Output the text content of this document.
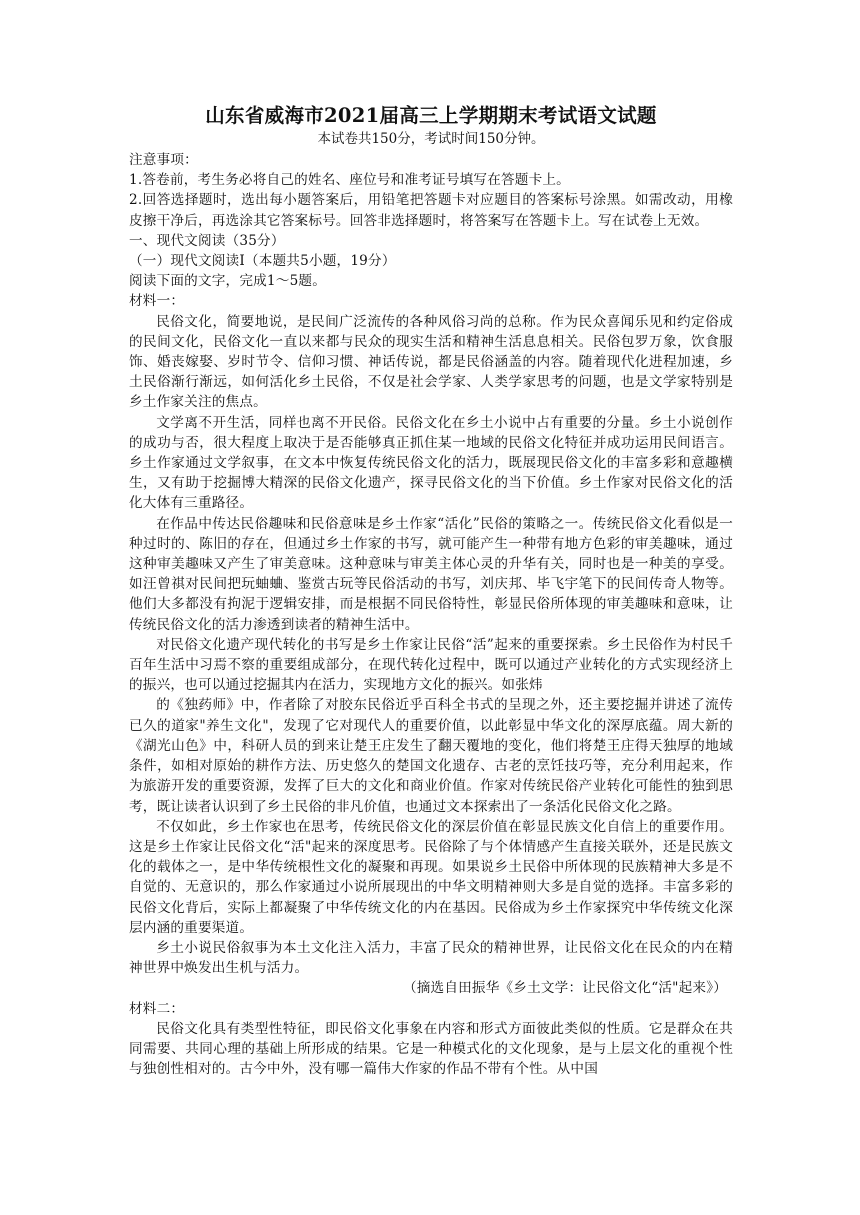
山东省威海市2021届高三上学期期末考试语文试题

本试卷共150分，考试时间150分钟。

注意事项：

1.答卷前，考生务必将自己的姓名、座位号和准考证号填写在答题卡上。

2.回答选择题时，选出每小题答案后，用铅笔把答题卡对应题目的答案标号涂黑。如需改动，用橡皮擦干净后，再选涂其它答案标号。回答非选择题时，将答案写在答题卡上。写在试卷上无效。

一、现代文阅读（35分）

（一）现代文阅读Ⅰ（本题共5小题，19分）

阅读下面的文字，完成1～5题。

材料一：

民俗文化，简要地说，是民间广泛流传的各种风俗习尚的总称。作为民众喜闻乐见和约定俗成的民间文化，民俗文化一直以来都与民众的现实生活和精神生活息息相关。民俗包罗万象，饮食服饰、婚丧嫁娶、岁时节令、信仰习惯、神话传说，都是民俗涵盖的内容。随着现代化进程加速，乡土民俗渐行渐远，如何活化乡土民俗，不仅是社会学家、人类学家思考的问题，也是文学家特别是乡土作家关注的焦点。

文学离不开生活，同样也离不开民俗。民俗文化在乡土小说中占有重要的分量。乡土小说创作的成功与否，很大程度上取决于是否能够真正抓住某一地域的民俗文化特征并成功运用民间语言。乡土作家通过文学叙事，在文本中恢复传统民俗文化的活力，既展现民俗文化的丰富多彩和意趣横生，又有助于挖掘博大精深的民俗文化遗产，探寻民俗文化的当下价值。乡土作家对民俗文化的活化大体有三重路径。

在作品中传达民俗趣味和民俗意味是乡土作家“活化”民俗的策略之一。传统民俗文化看似是一种过时的、陈旧的存在，但通过乡土作家的书写，就可能产生一种带有地方色彩的审美趣味，通过这种审美趣味又产生了审美意味。这种意味与审美主体心灵的升华有关，同时也是一种美的享受。如汪曾祺对民间把玩蚰蛐、鉴赏古玩等民俗活动的书写，刘庆邦、毕飞宇笔下的民间传奇人物等。他们大多都没有拘泥于逻辑安排，而是根据不同民俗特性，彰显民俗所体现的审美趣味和意味，让传统民俗文化的活力渗透到读者的精神生活中。

对民俗文化遗产现代转化的书写是乡土作家让民俗“活”起来的重要探索。乡土民俗作为村民千百年生活中习焉不察的重要组成部分，在现代转化过程中，既可以通过产业转化的方式实现经济上的振兴，也可以通过挖掘其内在活力，实现地方文化的振兴。如张炜

的《独药师》中，作者除了对胶东民俗近乎百科全书式的呈现之外，还主要挖掘并讲述了流传已久的道家"养生文化"，发现了它对现代人的重要价值，以此彰显中华文化的深厚底蕴。周大新的《湖光山色》中，科研人员的到来让楚王庄发生了翻天覆地的变化，他们将楚王庄得天独厚的地域条件，如相对原始的耕作方法、历史悠久的楚国文化遗存、古老的烹饪技巧等，充分利用起来，作为旅游开发的重要资源，发挥了巨大的文化和商业价值。作家对传统民俗产业转化可能性的独到思考，既让读者认识到了乡土民俗的非凡价值，也通过文本探索出了一条活化民俗文化之路。

不仅如此，乡土作家也在思考，传统民俗文化的深层价值在彰显民族文化自信上的重要作用。这是乡土作家让民俗文化“活"起来的深度思考。民俗除了与个体情感产生直接关联外，还是民族文化的载体之一，是中华传统根性文化的凝聚和再现。如果说乡土民俗中所体现的民族精神大多是不自觉的、无意识的，那么作家通过小说所展现出的中华文明精神则大多是自觉的选择。丰富多彩的民俗文化背后，实际上都凝聚了中华传统文化的内在基因。民俗成为乡土作家探究中华传统文化深层内涵的重要渠道。

乡土小说民俗叙事为本土文化注入活力，丰富了民众的精神世界，让民俗文化在民众的内在精神世界中焕发出生机与活力。

（摘选自田振华《乡土文学：让民俗文化“活"起来》）

材料二：

民俗文化具有类型性特征，即民俗文化事象在内容和形式方面彼此类似的性质。它是群众在共同需要、共同心理的基础上所形成的结果。它是一种模式化的文化现象，是与上层文化的重视个性与独创性相对的。古今中外，没有哪一篇伟大作家的作品不带有个性。从中国
